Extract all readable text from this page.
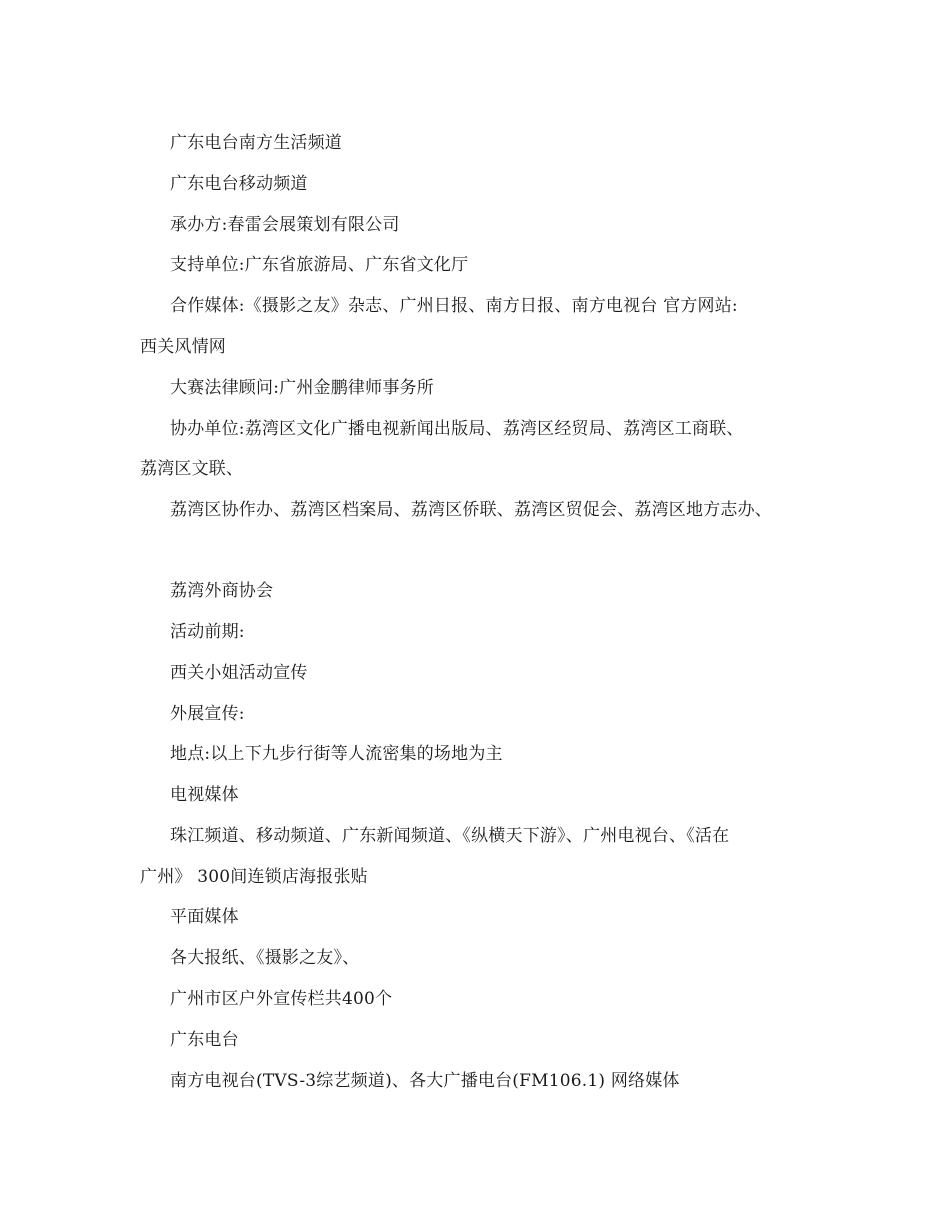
广东电台南方生活频道
广东电台移动频道
承办方:春雷会展策划有限公司
支持单位:广东省旅游局、广东省文化厅
合作媒体:《摄影之友》杂志、广州日报、南方日报、南方电视台 官方网站:
西关风情网
大赛法律顾问:广州金鹏律师事务所
协办单位:荔湾区文化广播电视新闻出版局、荔湾区经贸局、荔湾区工商联、
荔湾区文联、
荔湾区协作办、荔湾区档案局、荔湾区侨联、荔湾区贸促会、荔湾区地方志办、
荔湾外商协会
活动前期:
西关小姐活动宣传
外展宣传:
地点:以上下九步行街等人流密集的场地为主
电视媒体
珠江频道、移动频道、广东新闻频道、《纵横天下游》、广州电视台、《活在
广州》 300间连锁店海报张贴
平面媒体
各大报纸、《摄影之友》、
广州市区户外宣传栏共400个
广东电台
南方电视台(TVS-3综艺频道)、各大广播电台(FM106.1) 网络媒体
